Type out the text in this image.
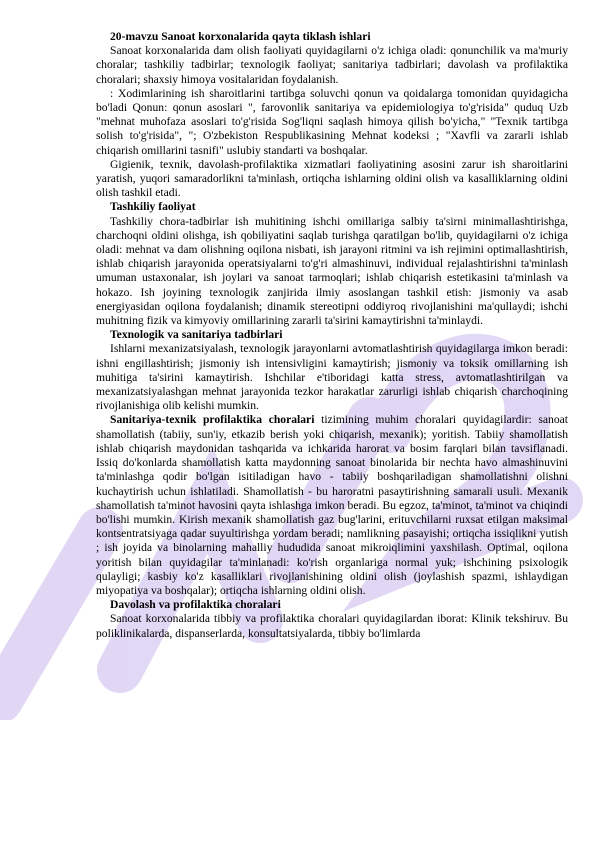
20-mavzu Sanoat korxonalarida qayta tiklash ishlari

Sanoat korxonalarida dam olish faoliyati quyidagilarni o'z ichiga oladi: qonunchilik va ma'muriy choralar; tashkiliy tadbirlar; texnologik faoliyat; sanitariya tadbirlari; davolash va profilaktika choralari; shaxsiy himoya vositalaridan foydalanish.

: Xodimlarining ish sharoitlarini tartibga soluvchi qonun va qoidalarga tomonidan quyidagicha bo'ladi Qonun: qonun asoslari ", farovonlik sanitariya va epidemiologiya to'g'risida" quduq Uzb "mehnat muhofaza asoslari to'g'risida Sog'liqni saqlash himoya qilish bo'yicha," "Texnik tartibga solish to'g'risida", "; O'zbekiston Respublikasining Mehnat kodeksi ; "Xavfli va zararli ishlab chiqarish omillarini tasnifi" uslubiy standarti va boshqalar.

Gigienik, texnik, davolash-profilaktika xizmatlari faoliyatining asosini zarur ish sharoitlarini yaratish, yuqori samaradorlikni ta'minlash, ortiqcha ishlarning oldini olish va kasalliklarning oldini olish tashkil etadi.

Tashkiliy faoliyat

Tashkiliy chora-tadbirlar ish muhitining ishchi omillariga salbiy ta'sirni minimallashtirishga, charchoqni oldini olishga, ish qobiliyatini saqlab turishga qaratilgan bo'lib, quyidagilarni o'z ichiga oladi: mehnat va dam olishning oqilona nisbati, ish jarayoni ritmini va ish rejimini optimallashtirish, ishlab chiqarish jarayonida operatsiyalarni to'g'ri almashinuvi, individual rejalashtirishni ta'minlash umuman ustaxonalar, ish joylari va sanoat tarmoqlari; ishlab chiqarish estetikasini ta'minlash va hokazo. Ish joyining texnologik zanjirida ilmiy asoslangan tashkil etish: jismoniy va asab energiyasidan oqilona foydalanish; dinamik stereotipni oddiyroq rivojlanishini ma'qullaydi; ishchi muhitning fizik va kimyoviy omillarining zararli ta'sirini kamaytirishni ta'minlaydi.

Texnologik va sanitariya tadbirlari

Ishlarni mexanizatsiyalash, texnologik jarayonlarni avtomatlashtirish quyidagilarga imkon beradi: ishni engillashtirish; jismoniy ish intensivligini kamaytirish; jismoniy va toksik omillarning ish muhitiga ta'sirini kamaytirish. Ishchilar e'tiboridagi katta stress, avtomatlashtirilgan va mexanizatsiyalashgan mehnat jarayonida tezkor harakatlar zarurligi ishlab chiqarish charchoqining rivojlanishiga olib kelishi mumkin.

Sanitariya-texnik profilaktika choralari tizimining muhim choralari quyidagilardir: sanoat shamollatish (tabiiy, sun'iy, etkazib berish yoki chiqarish, mexanik); yoritish. Tabiiy shamollatish ishlab chiqarish maydonidan tashqarida va ichkarida harorat va bosim farqlari bilan tavsiflanadi. Issiq do'konlarda shamollatish katta maydonning sanoat binolarida bir nechta havo almashinuvini ta'minlashga qodir bo'lgan isitiladigan havo - tabiiy boshqariladigan shamollatishni olishni kuchaytirish uchun ishlatiladi. Shamollatish - bu haroratni pasaytirishning samarali usuli. Mexanik shamollatish ta'minot havosini qayta ishlashga imkon beradi. Bu egzoz, ta'minot, ta'minot va chiqindi bo'lishi mumkin. Kirish mexanik shamollatish gaz bug'larini, erituvchilarni ruxsat etilgan maksimal kontsentratsiyaga qadar suyultirishga yordam beradi; namlikning pasayishi; ortiqcha issiqlikni yutish ; ish joyida va binolarning mahalliy hududida sanoat mikroiqlimini yaxshilash. Optimal, oqilona yoritish bilan quyidagilar ta'minlanadi: ko'rish organlariga normal yuk; ishchining psixologik qulayligi; kasbiy ko'z kasalliklari rivojlanishining oldini olish (joylashish spazmi, ishlaydigan miyopatiya va boshqalar); ortiqcha ishlarning oldini olish.

Davolash va profilaktika choralari

Sanoat korxonalarida tibbiy va profilaktika choralari quyidagilardan iborat: Klinik tekshiruv. Bu poliklinikalarda, dispanserlarda, konsultatsiyalarda, tibbiy bo'limlarda
